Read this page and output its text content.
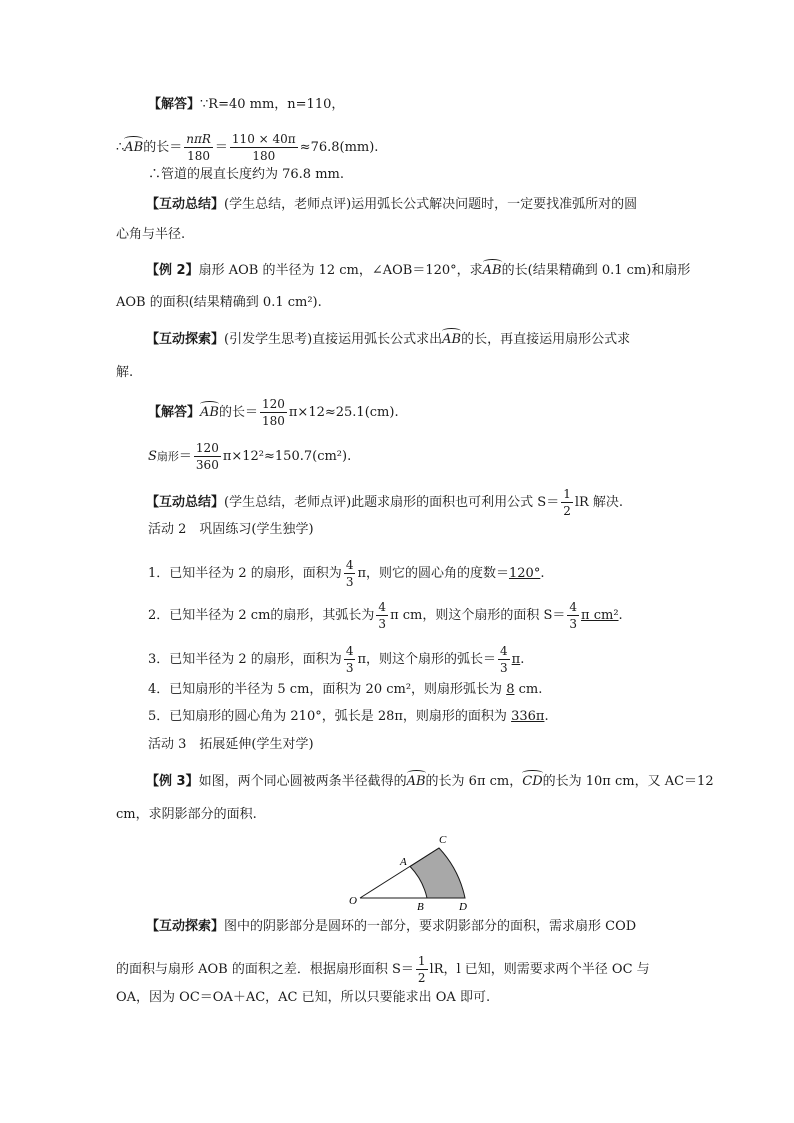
【解答】∵R=40 mm，n=110，
∴AB的长＝ $\frac{\text{nπR}}{180} = \frac{110 \times 40\pi}{180} \approx 76.8(mm)$.
∴管道的展直长度约为 76.8 mm.
【互动总结】(学生总结，老师点评)运用弧长公式解决问题时，一定要找准弧所对的圆
心角与半径.
【例 2】扇形 AOB 的半径为 12 cm，∠AOB＝120°，求AB的长(结果精确到 0.1 cm)和扇形
AOB 的面积(结果精确到 0.1 cm²).
【互动探索】(引发学生思考)直接运用弧长公式求出AB的长，再直接运用扇形公式求
解.
【解答】AB的长＝ $\frac{120}{180} \pi\times 12\approx 25.1(cm)$.
S扇形＝ $\frac{120}{360} \pi\times 12^2\approx 150.7(cm^2)$.
【互动总结】(学生总结，老师点评)此题求扇形的面积也可利用公式 $S= \frac{1}{2}$ lR 解决.
活动 2　巩固练习(学生独学)
1．已知半径为 2 的扇形，面积为 $\frac{4}{3}$ π，则它的圆心角的度数＝120°.
2．已知半径为 2 cm的扇形，其弧长为 $\frac{4}{3}$ π cm，则这个扇形的面积 $S= \frac{4}{3}$ π cm².
3．已知半径为 2 的扇形，面积为 $\frac{4}{3}$ π，则这个扇形的弧长＝ $\frac{4}{3} \pi$.
4．已知扇形的半径为 5 cm，面积为 20 cm²，则扇形弧长为 8 cm.
5．已知扇形的圆心角为 210°，弧长是 28π，则扇形的面积为 336π.
活动 3　拓展延伸(学生对学)
【例 3】如图，两个同心圆被两条半径截得的AB的长为 6π cm，CD的长为 10π cm，又 AC＝12
cm，求阴影部分的面积.
O
A
B
C
D
【互动探索】图中的阴影部分是圆环的一部分，要求阴影部分的面积，需求扇形 COD
的面积与扇形 AOB 的面积之差．根据扇形面积 $S= \frac{1}{2}$ lR，l 已知，则需要求两个半径 OC 与
OA，因为 OC＝OA＋AC，AC 已知，所以只要能求出 OA 即可.
